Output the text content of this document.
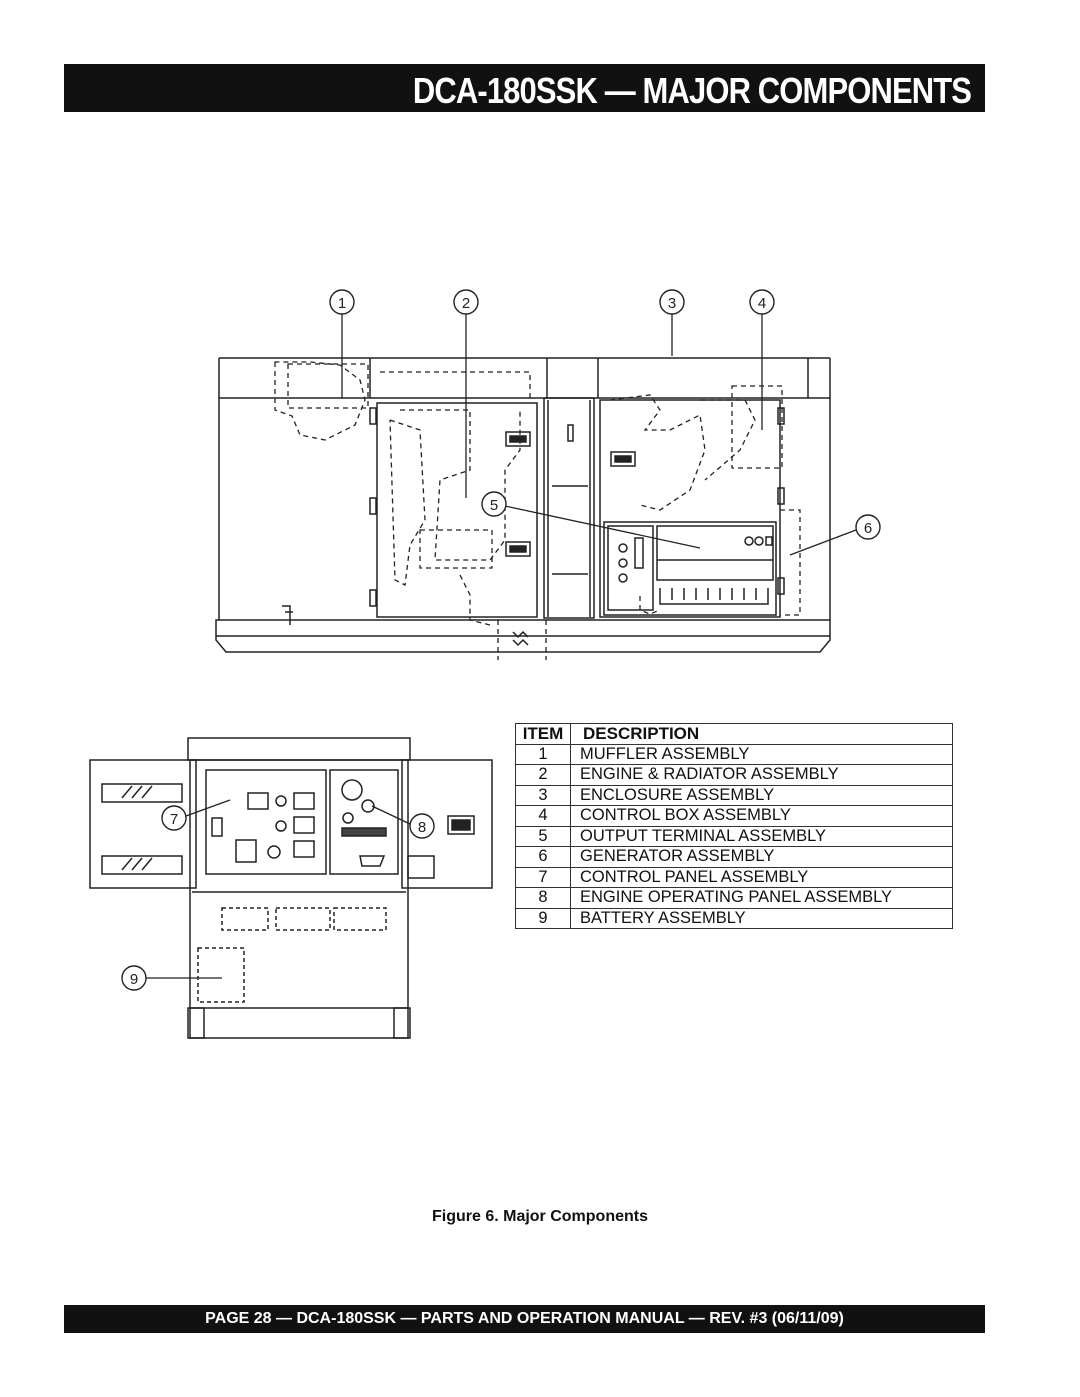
DCA-180SSK — MAJOR COMPONENTS
1	2	3	4
5
6
7	8
9
ITEM	DESCRIPTION
1	MUFFLER ASSEMBLY
2	ENGINE & RADIATOR ASSEMBLY
3	ENCLOSURE ASSEMBLY
4	CONTROL BOX ASSEMBLY
5	OUTPUT TERMINAL ASSEMBLY
6	GENERATOR ASSEMBLY
7	CONTROL PANEL ASSEMBLY
8	ENGINE OPERATING PANEL ASSEMBLY
9	BATTERY ASSEMBLY
Figure 6. Major Components
PAGE 28 — DCA-180SSK — PARTS AND OPERATION MANUAL — REV. #3 (06/11/09)
